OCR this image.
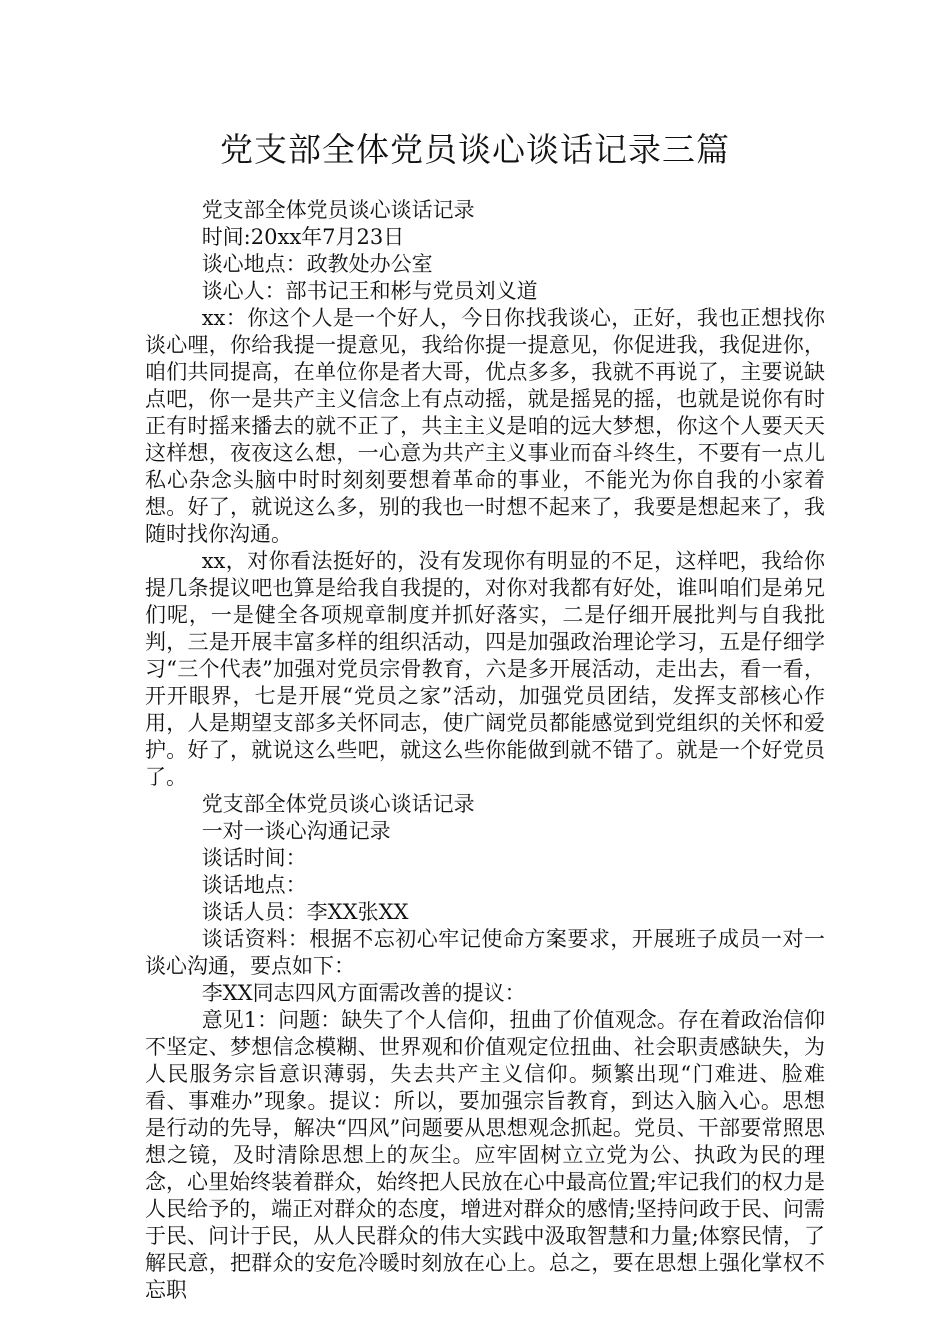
党支部全体党员谈心谈话记录三篇

党支部全体党员谈心谈话记录

时间:20xx年7月23日

谈心地点：政教处办公室

谈心人：部书记王和彬与党员刘义道

xx：你这个人是一个好人，今日你找我谈心，正好，我也正想找你谈心哩，你给我提一提意见，我给你提一提意见，你促进我，我促进你，咱们共同提高，在单位你是者大哥，优点多多，我就不再说了，主要说缺点吧，你一是共产主义信念上有点动摇，就是摇晃的摇，也就是说你有时正有时摇来播去的就不正了，共主主义是咱的远大梦想，你这个人要天天这样想，夜夜这么想，一心意为共产主义事业而奋斗终生，不要有一点儿私心杂念头脑中时时刻刻要想着革命的事业，不能光为你自我的小家着想。好了，就说这么多，别的我也一时想不起来了，我要是想起来了，我随时找你沟通。

xx，对你看法挺好的，没有发现你有明显的不足，这样吧，我给你提几条提议吧也算是给我自我提的，对你对我都有好处，谁叫咱们是弟兄们呢，一是健全各项规章制度并抓好落实，二是仔细开展批判与自我批判，三是开展丰富多样的组织活动，四是加强政治理论学习，五是仔细学习“三个代表”加强对党员宗骨教育，六是多开展活动，走出去，看一看，开开眼界，七是开展“党员之家”活动，加强党员团结，发挥支部核心作用，人是期望支部多关怀同志，使广阔党员都能感觉到党组织的关怀和爱护。好了，就说这么些吧，就这么些你能做到就不错了。就是一个好党员了。

党支部全体党员谈心谈话记录

一对一谈心沟通记录

谈话时间：

谈话地点：

谈话人员：李XX张XX

谈话资料：根据不忘初心牢记使命方案要求，开展班子成员一对一谈心沟通，要点如下：

李XX同志四风方面需改善的提议：

意见1：问题：缺失了个人信仰，扭曲了价值观念。存在着政治信仰不坚定、梦想信念模糊、世界观和价值观定位扭曲、社会职责感缺失，为人民服务宗旨意识薄弱，失去共产主义信仰。频繁出现“门难进、脸难看、事难办”现象。提议：所以，要加强宗旨教育，到达入脑入心。思想是行动的先导，解决“四风”问题要从思想观念抓起。党员、干部要常照思想之镜，及时清除思想上的灰尘。应牢固树立立党为公、执政为民的理念，心里始终装着群众，始终把人民放在心中最高位置;牢记我们的权力是人民给予的，端正对群众的态度，增进对群众的感情;坚持问政于民、问需于民、问计于民，从人民群众的伟大实践中汲取智慧和力量;体察民情，了解民意，把群众的安危冷暖时刻放在心上。总之，要在思想上强化掌权不忘职
